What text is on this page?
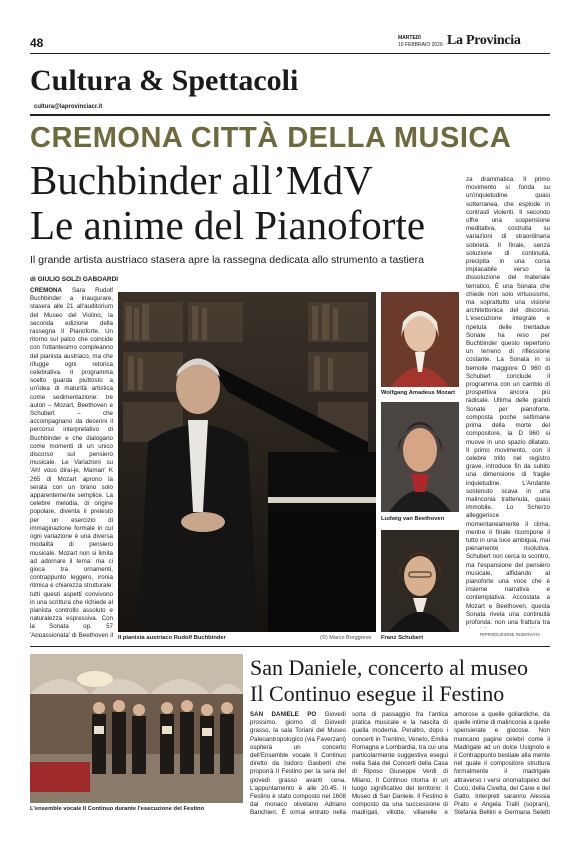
48	MARTEDÌ
10 FEBBRAIO 2026 La Provincia
Cultura & Spettacoli
cultura@laprovinciacr.it
CREMONA CITTÀ DELLA MUSICA
Buchbinder all’MdV
Le anime del Pianoforte
Il grande artista austriaco stasera apre la rassegna dedicata allo strumento a tastiera
di GIULIO SOLZI GABOARDI
CREMONA Sara Rudolf Buchbinder a inaugurare, stasera alle 21 all'auditorium del Museo del Violino, la seconda edizione della rassegna Il Pianoforte. Un ritorno sul palco che coincide con l'ottantesimo compleanno del pianista austriaco, ma che rifugge ogni retorica celebrativa. Il programma scelto guarda piuttosto a un'idea di maturità artistica come sedimentazione: tre autori – Mozart, Beethoven e Schubert – che accompagnano da decenni il percorso interpretativo di Buchbinder e che dialogano come momenti di un unico discorso sul pensiero musicale. Le Variazioni su 'Ah! vous dirai-je, Maman' K 265 di Mozart aprono la serata con un brano solo apparentemente semplice. La celebre melodia, di origine popolare, diventa il pretesto per un esercizio di immaginazione formale in cui ogni variazione è una diversa modalità di pensiero musicale. Mozart non si limita ad adornare il tema: ma ci gioca tra ornamenti, contrappunto leggero, ironia ritmica e chiarezza strutturale: tutti questi aspetti convivono in una scrittura che richiede al pianista controllo assoluto e naturalezza espressiva. Con la Sonata op. 57 'Appassionata' di Beethoven il Il pianista austriaco Rudolf Buchbinder	(©) Marco Borggreve
Wolfgang Amadeus Mozart
Ludwig van Beethoven
Franz Schubert
za drammatica. Il primo movimento si fonda su un'inquietudine quasi sotterranea, che esplode in contrasti violenti. Il secondo offre una sospensione meditativa, costruita su variazioni di straordinaria sobrietà. Il finale, senza soluzione di continuità, precipita in una corsa implacabile verso la dissoluzione del materiale tematico. È una Sonata che chiede non solo virtuosismo, ma soprattutto una visione architettonica del discorso. L'esecuzione integrale e ripetuta delle trentadue Sonate ha reso per Buchbinder questo repertorio un terreno di riflessione costante. La Sonata in si bemolle maggiore D 960 di Schubert conclude il programma con un cambio di prospettiva ancora più radicale. Ultima delle grandi Sonate per pianoforte, composta poche settimane prima della morte del compositore, la D 960 si muove in uno spazio dilatato. Il primo movimento, con il celebre trillo nel registro grave, introduce fin da subito una dimensione di fragile inquietudine. L'Andante sostenuto scava in una malinconia trattenuta, quasi immobile. Lo Scherzo alleggerisce momentaneamente il clima, mentre il finale ricompone il tutto in una luce ambigua, mai pienamente risolutiva. Schubert non cerca lo scontro, ma l'espansione del pensiero musicale, affidando al pianoforte una voce che è insieme narrativa e contemplativa. Accostata a Mozart e Beethoven, questa Sonata rivela una continuità profonda: non una frattura tra
RIPRODUZIONE RISERVATA
L'ensemble vocale Il Continuo durante l'esecuzione del Festino
San Daniele, concerto al museo
Il Continuo esegue il Festino
SAN DANIELE PO Giovedì prossimo, giorno di Giovedì grasso, la sala Toriani del Museo Paleoantropologico (via Faverzani) ospiterà un concerto dell'Ensemble vocale Il Continuo diretto da Isidoro Gasberti che proporrà Il Festino per la sera del giovedì grasso avanti cena. L'appuntamento è alle 20.45. Il Festino è stato composto nel 1608 dal monaco olivetano Adriano Banchieri. È ormai entrato nella
sorta di passaggio fra l'antica pratica musicale e la nascita di quella moderna. Peraltro, dopo i concerti in Trentino, Veneto, Emilia Romagna e Lombardia, tra cui una particolarmente suggestiva esegui nella Sala dei Concerti della Casa di Riposo Giuseppe Verdi di Milano, Il Continuo ritorna in un luogo significativo del territorio: il Museo di San Daniele. Il Festino è composto da una successione di madrigali, villotte, villanelle e
amorose a quelle goliardiche, da quelle intime di malinconia a quelle spensierate e giocose. Non mancano pagine celebri come il Madrigale ad un dolce Usignolo e il Contrappunto bestiale alla mente nel quale il compositore struttura formalmente il madrigale attraverso i versi onomatopeici del Cucù, della Civetta, del Cane e del Gatto. Interpreti saranno Alessia Prato e Angela Tralli (soprani), Stefania Bellini e Germana Seletti
